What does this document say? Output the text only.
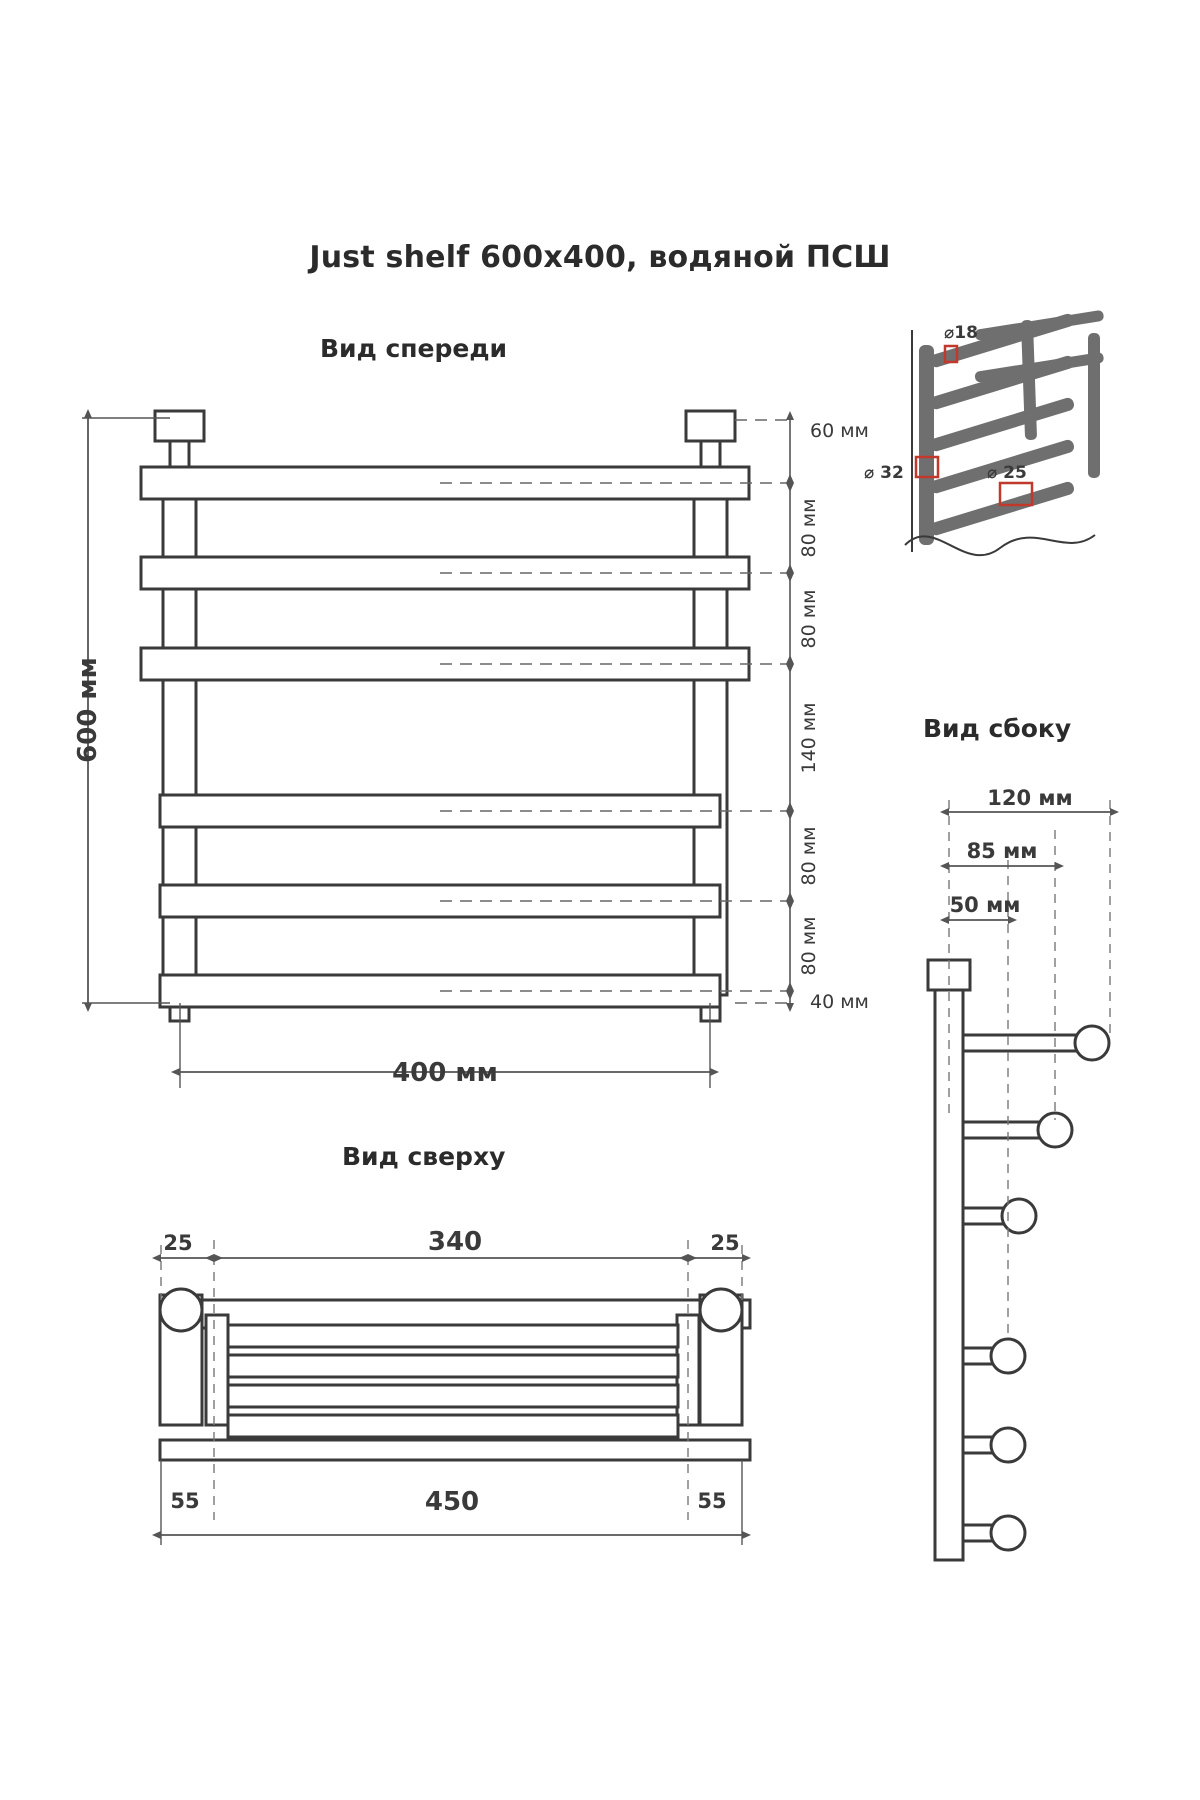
Just shelf 600x400, водяной ПСШ
Вид спереди
Вид сбоку
Вид сверху
600 мм
60 мм
80 мм
80 мм
140 мм
80 мм
80 мм
40 мм
400 мм
⌀18
⌀ 32	⌀ 25
120 мм
85 мм
50 мм
25	340	25
55	450	55
